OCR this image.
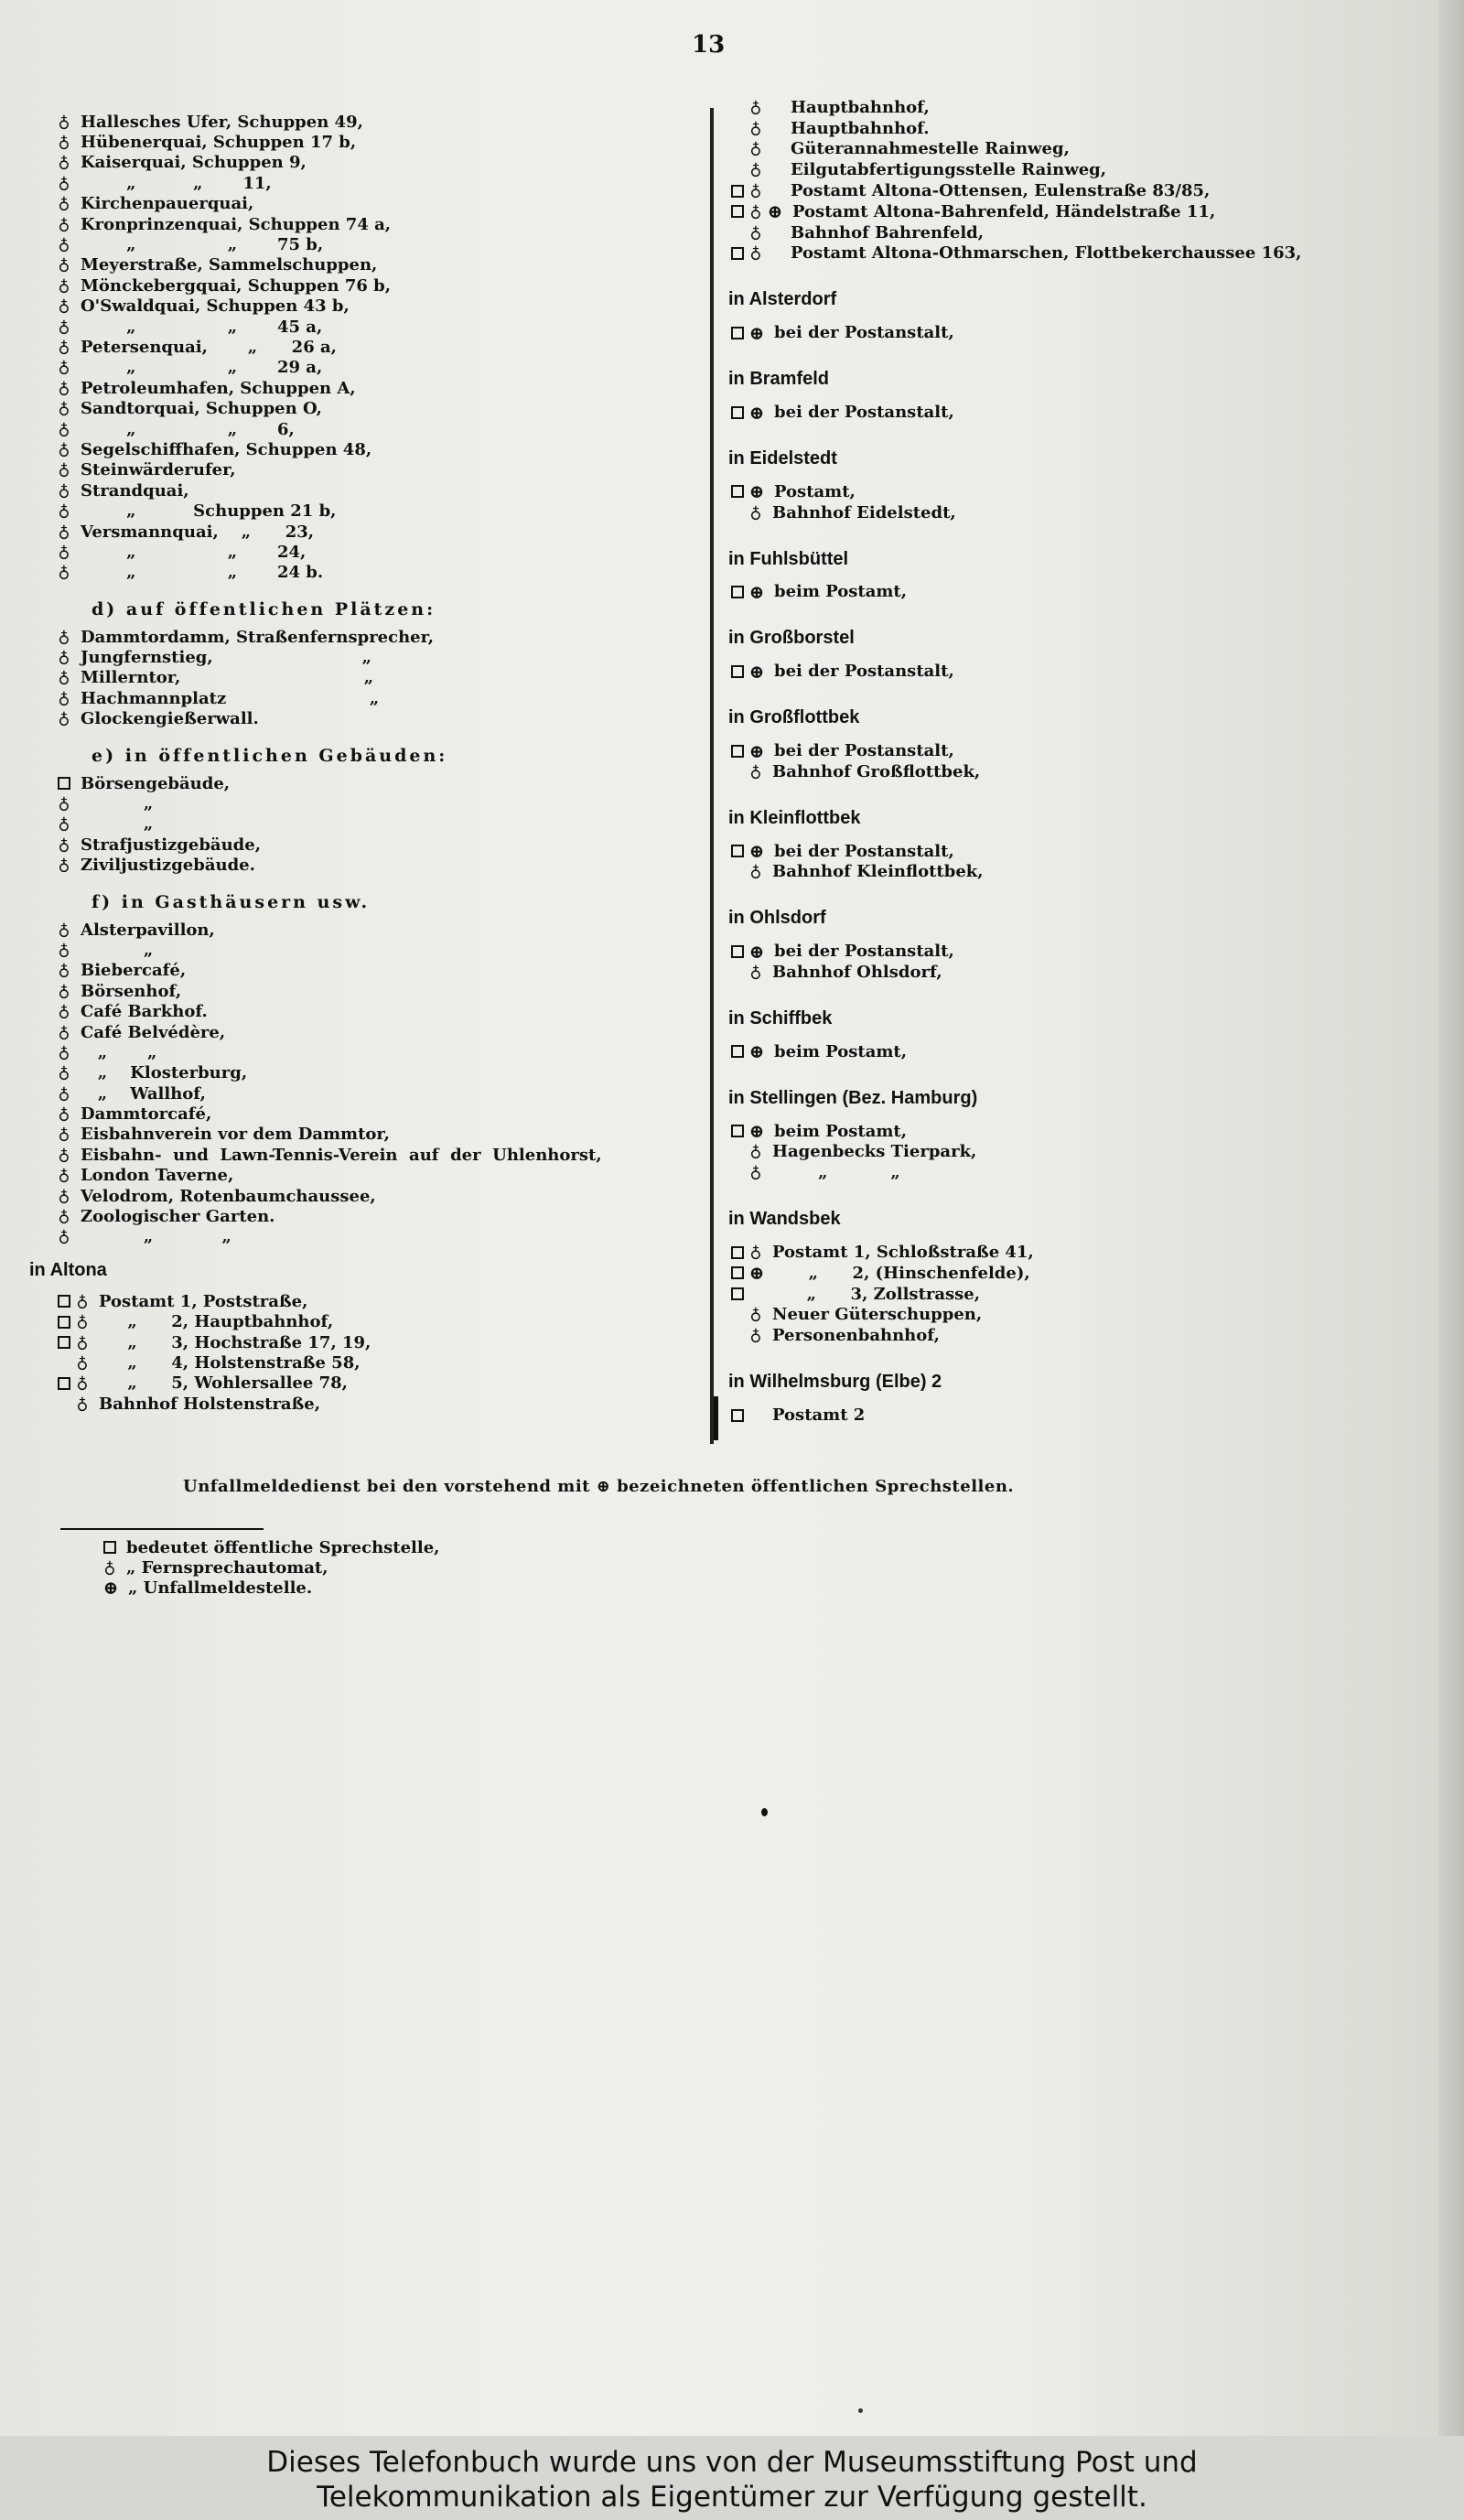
13
♁ Hallesches Ufer, Schuppen 49,
♁ Hübenerquai, Schuppen 17 b,
♁ Kaiserquai, Schuppen 9,
♁ „          „       11,
♁ Kirchenpauerquai,
♁ Kronprinzenquai, Schuppen 74 a,
♁ „                „       75 b,
♁ Meyerstraße, Sammelschuppen,
♁ Mönckebergquai, Schuppen 76 b,
♁ O'Swaldquai, Schuppen 43 b,
♁ „                „       45 a,
♁ Petersenquai,       „      26 a,
♁ „                „       29 a,
♁ Petroleumhafen, Schuppen A,
♁ Sandtorquai, Schuppen O,
♁ „                „       6,
♁ Segelschiffhafen, Schuppen 48,
♁ Steinwärderufer,
♁ Strandquai,
♁ „          Schuppen 21 b,
♁ Versmannquai,    „      23,
♁ „                „       24,
♁ „                „       24 b.
d) auf öffentlichen Plätzen:
♁ Dammtordamm, Straßenfernsprecher,
♁ Jungfernstieg,                          „
♁ Millerntor,                                „
♁ Hachmannplatz                         „
♁ Glockengießerwall.
e) in öffentlichen Gebäuden:
Börsengebäude,
♁ „
♁ „
♁ Strafjustizgebäude,
♁ Ziviljustizgebäude.
f) in Gasthäusern usw.
♁ Alsterpavillon,
♁ „
♁ Biebercafé,
♁ Börsenhof,
♁ Café Barkhof.
♁ Café Belvédère,
♁ „       „
♁ „    Klosterburg,
♁ „    Wallhof,
♁ Dammtorcafé,
♁ Eisbahnverein vor dem Dammtor,
♁ Eisbahn-  und  Lawn-Tennis-Verein  auf  der  Uhlenhorst,
♁ London Taverne,
♁ Velodrom, Rotenbaumchaussee,
♁ Zoologischer Garten.
♁ „            „
in Altona
♁ Postamt 1, Poststraße,
♁ „      2, Hauptbahnhof,
♁ „      3, Hochstraße 17, 19,
♁ „      4, Holstenstraße 58,
♁ „      5, Wohlersallee 78,
♁ Bahnhof Holstenstraße,
♁ Hauptbahnhof,
♁ Hauptbahnhof.
♁ Güterannahmestelle Rainweg,
♁ Eilgutabfertigungsstelle Rainweg,
♁ Postamt Altona-Ottensen, Eulenstraße 83/85,
♁ ⊕ Postamt Altona-Bahrenfeld, Händelstraße 11,
♁ Bahnhof Bahrenfeld,
♁ Postamt Altona-Othmarschen, Flottbekerchaussee 163,
in Alsterdorf
⊕ bei der Postanstalt,
in Bramfeld
⊕ bei der Postanstalt,
in Eidelstedt
⊕ Postamt,
♁ Bahnhof Eidelstedt,
in Fuhlsbüttel
⊕ beim Postamt,
in Großborstel
⊕ bei der Postanstalt,
in Großflottbek
⊕ bei der Postanstalt,
♁ Bahnhof Großflottbek,
in Kleinflottbek
⊕ bei der Postanstalt,
♁ Bahnhof Kleinflottbek,
in Ohlsdorf
⊕ bei der Postanstalt,
♁ Bahnhof Ohlsdorf,
in Schiffbek
⊕ beim Postamt,
in Stellingen (Bez. Hamburg)
⊕ beim Postamt,
♁ Hagenbecks Tierpark,
♁ „           „
in Wandsbek
♁ Postamt 1, Schloßstraße 41,
⊕ „      2, (Hinschenfelde),
„      3, Zollstrasse,
♁ Neuer Güterschuppen,
♁ Personenbahnhof,
in Wilhelmsburg (Elbe) 2
Postamt 2
Unfallmeldedienst bei den vorstehend mit ⊕ bezeichneten öffentlichen Sprechstellen.
bedeutet öffentliche Sprechstelle,
♁ „ Fernsprechautomat,
⊕ „ Unfallmeldestelle.
Dieses Telefonbuch wurde uns von der Museumsstiftung Post und
Telekommunikation als Eigentümer zur Verfügung gestellt.
